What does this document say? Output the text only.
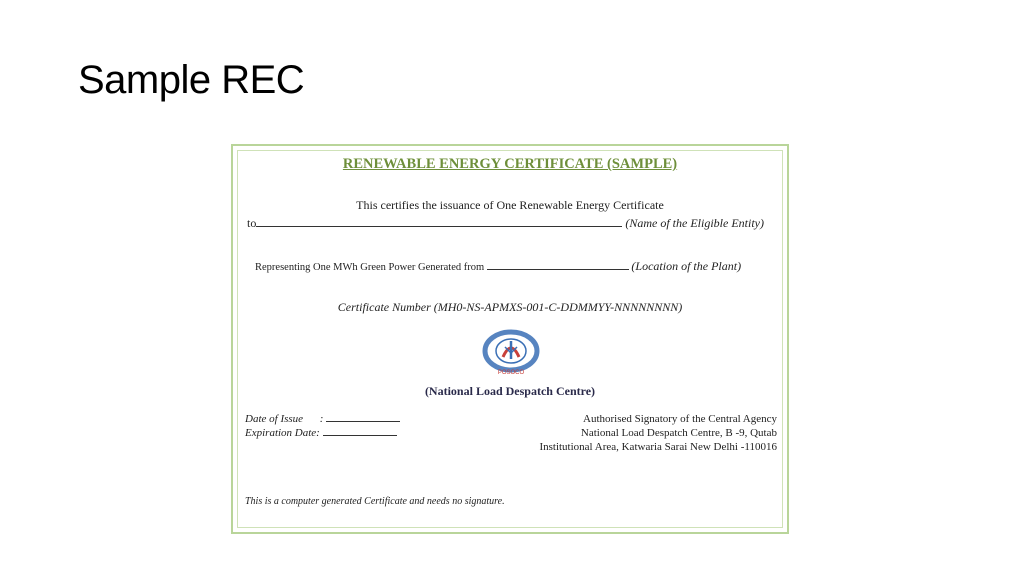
Sample REC
RENEWABLE ENERGY CERTIFICATE (SAMPLE)
This certifies the issuance of One Renewable Energy Certificate
to	(Name of the Eligible Entity)
Representing One MWh Green Power Generated from	(Location of the Plant)
Certificate Number (MH0-NS-APMXS-001-C-DDMMYY-NNNNNNNN)
POSOCO
(National Load Despatch Centre)
Date of Issue :
Expiration Date:
Authorised Signatory of the Central Agency
National Load Despatch Centre, B -9, Qutab
Institutional Area, Katwaria Sarai New Delhi -110016
This is a computer generated Certificate and needs no signature.
